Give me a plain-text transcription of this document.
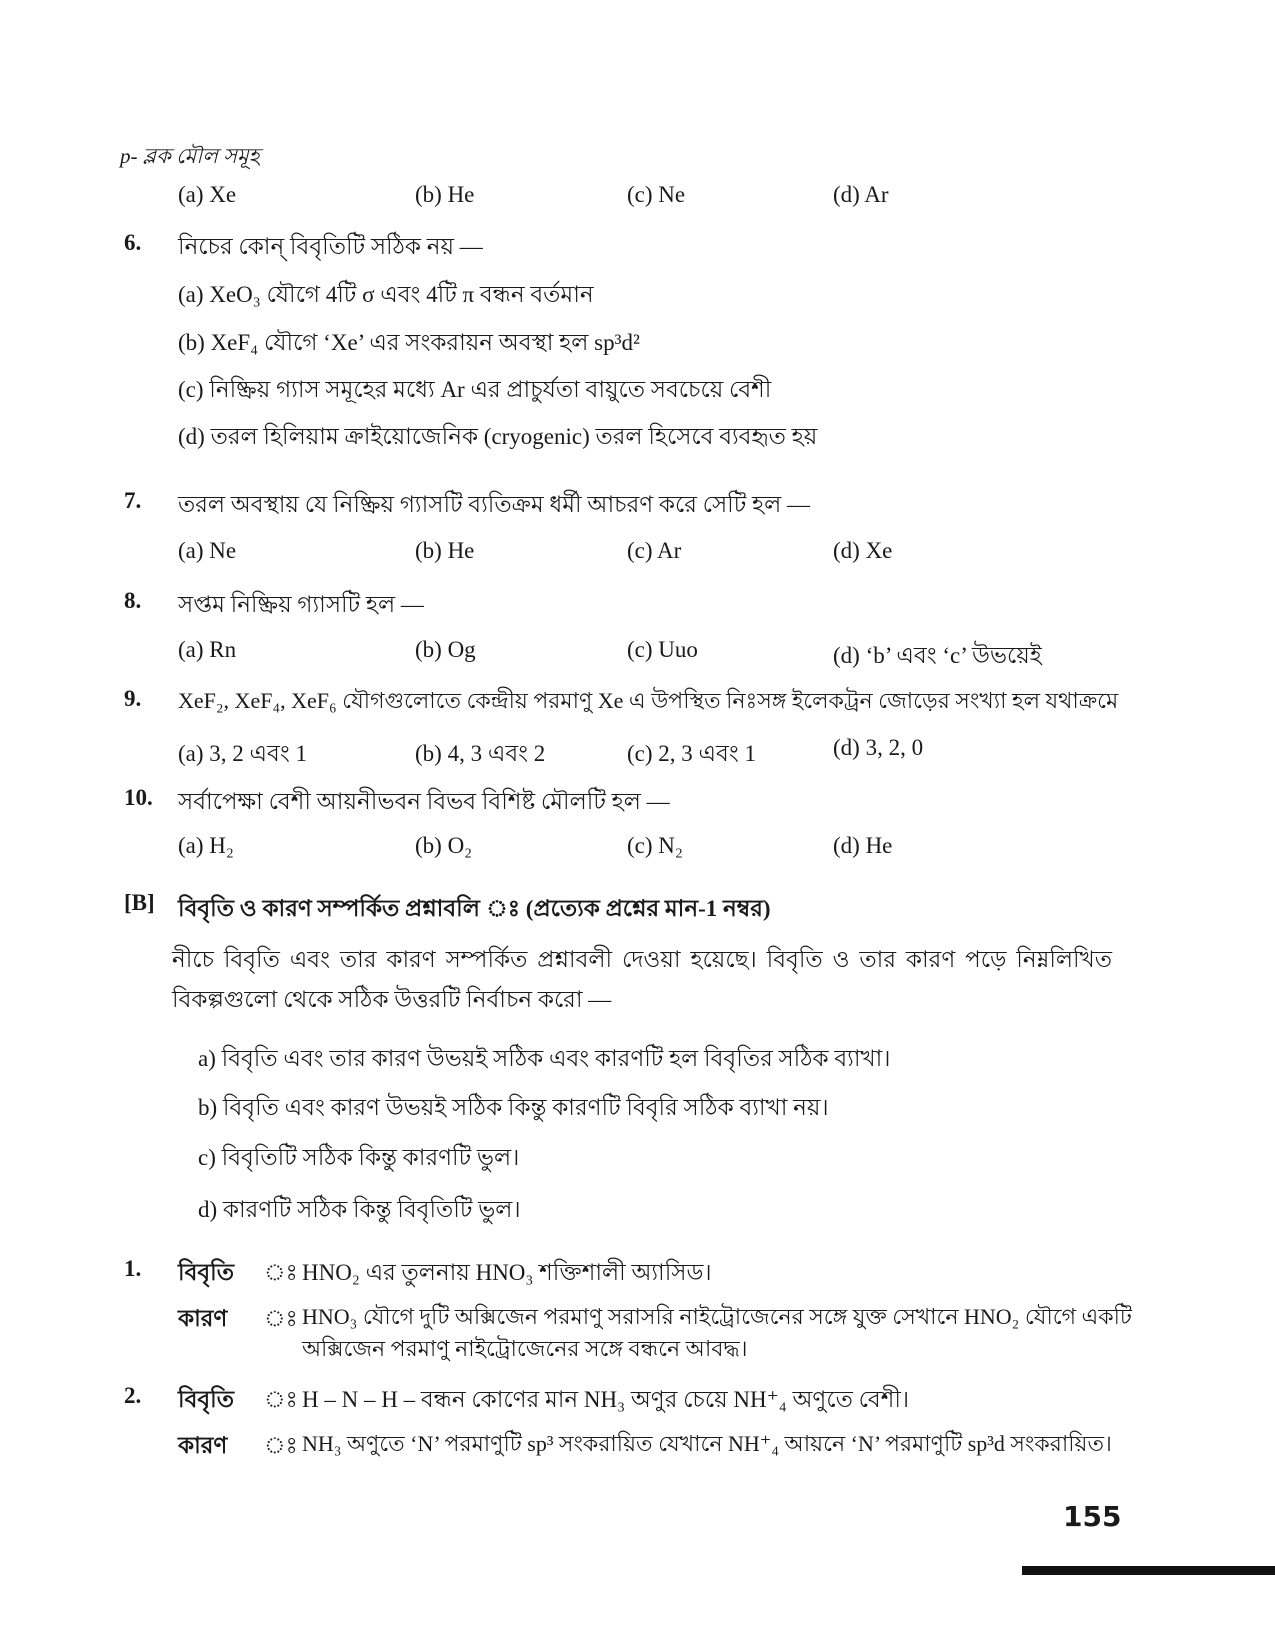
p- ব্লক মৌল সমূহ
(a) Xe	(b) He	(c) Ne	(d) Ar
6. নিচের কোন্‌ বিবৃতিটি সঠিক নয় —
(a) XeO₃ যৌগে 4টি σ এবং 4টি π বন্ধন বর্তমান
(b) XeF₄ যৌগে ‘Xe’ এর সংকরায়ন অবস্থা হল sp³d²
(c) নিষ্ক্রিয় গ্যাস সমূহের মধ্যে Ar এর প্রাচুর্যতা বায়ুতে সবচেয়ে বেশী
(d) তরল হিলিয়াম ক্রাইয়োজেনিক (cryogenic) তরল হিসেবে ব্যবহৃত হয়
7. তরল অবস্থায় যে নিষ্ক্রিয় গ্যাসটি ব্যতিক্রম ধর্মী আচরণ করে সেটি হল —
(a) Ne	(b) He	(c) Ar	(d) Xe
8. সপ্তম নিষ্ক্রিয় গ্যাসটি হল —
(a) Rn	(b) Og	(c) Uuo	(d) ‘b’ এবং ‘c’ উভয়েই
9. XeF₂, XeF₄, XeF₆ যৌগগুলোতে কেন্দ্রীয় পরমাণু Xe এ উপস্থিত নিঃসঙ্গ ইলেকট্রন জোড়ের সংখ্যা হল যথাক্রমে
(a) 3, 2 এবং 1	(b) 4, 3 এবং 2	(c) 2, 3 এবং 1	(d) 3, 2, 0
10. সর্বাপেক্ষা বেশী আয়নীভবন বিভব বিশিষ্ট মৌলটি হল —
(a) H₂	(b) O₂	(c) N₂	(d) He
[B] বিবৃতি ও কারণ সম্পর্কিত প্রশ্নাবলি ঃ (প্রত্যেক প্রশ্নের মান-1 নম্বর)
নীচে বিবৃতি এবং তার কারণ সম্পর্কিত প্রশ্নাবলী দেওয়া হয়েছে। বিবৃতি ও তার কারণ পড়ে নিম্নলিখিত বিকল্পগুলো থেকে সঠিক উত্তরটি নির্বাচন করো —
a) বিবৃতি এবং তার কারণ উভয়ই সঠিক এবং কারণটি হল বিবৃতির সঠিক ব্যাখা।
b) বিবৃতি এবং কারণ উভয়ই সঠিক কিন্তু কারণটি বিবৃরি সঠিক ব্যাখা নয়।
c) বিবৃতিটি সঠিক কিন্তু কারণটি ভুল।
d) কারণটি সঠিক কিন্তু বিবৃতিটি ভুল।
1. বিবৃতি ঃ HNO₂ এর তুলনায় HNO₃ শক্তিশালী অ্যাসিড।
কারণ ঃ HNO₃ যৌগে দুটি অক্সিজেন পরমাণু সরাসরি নাইট্রোজেনের সঙ্গে যুক্ত সেখানে HNO₂ যৌগে একটি
অক্সিজেন পরমাণু নাইট্রোজেনের সঙ্গে বন্ধনে আবদ্ধ।
2. বিবৃতি ঃ H – N – H – বন্ধন কোণের মান NH₃ অণুর চেয়ে NH⁺₄ অণুতে বেশী।
কারণ ঃ NH₃ অণুতে ‘N’ পরমাণুটি sp³ সংকরায়িত যেখানে NH⁺₄ আয়নে ‘N’ পরমাণুটি sp³d সংকরায়িত।
155
